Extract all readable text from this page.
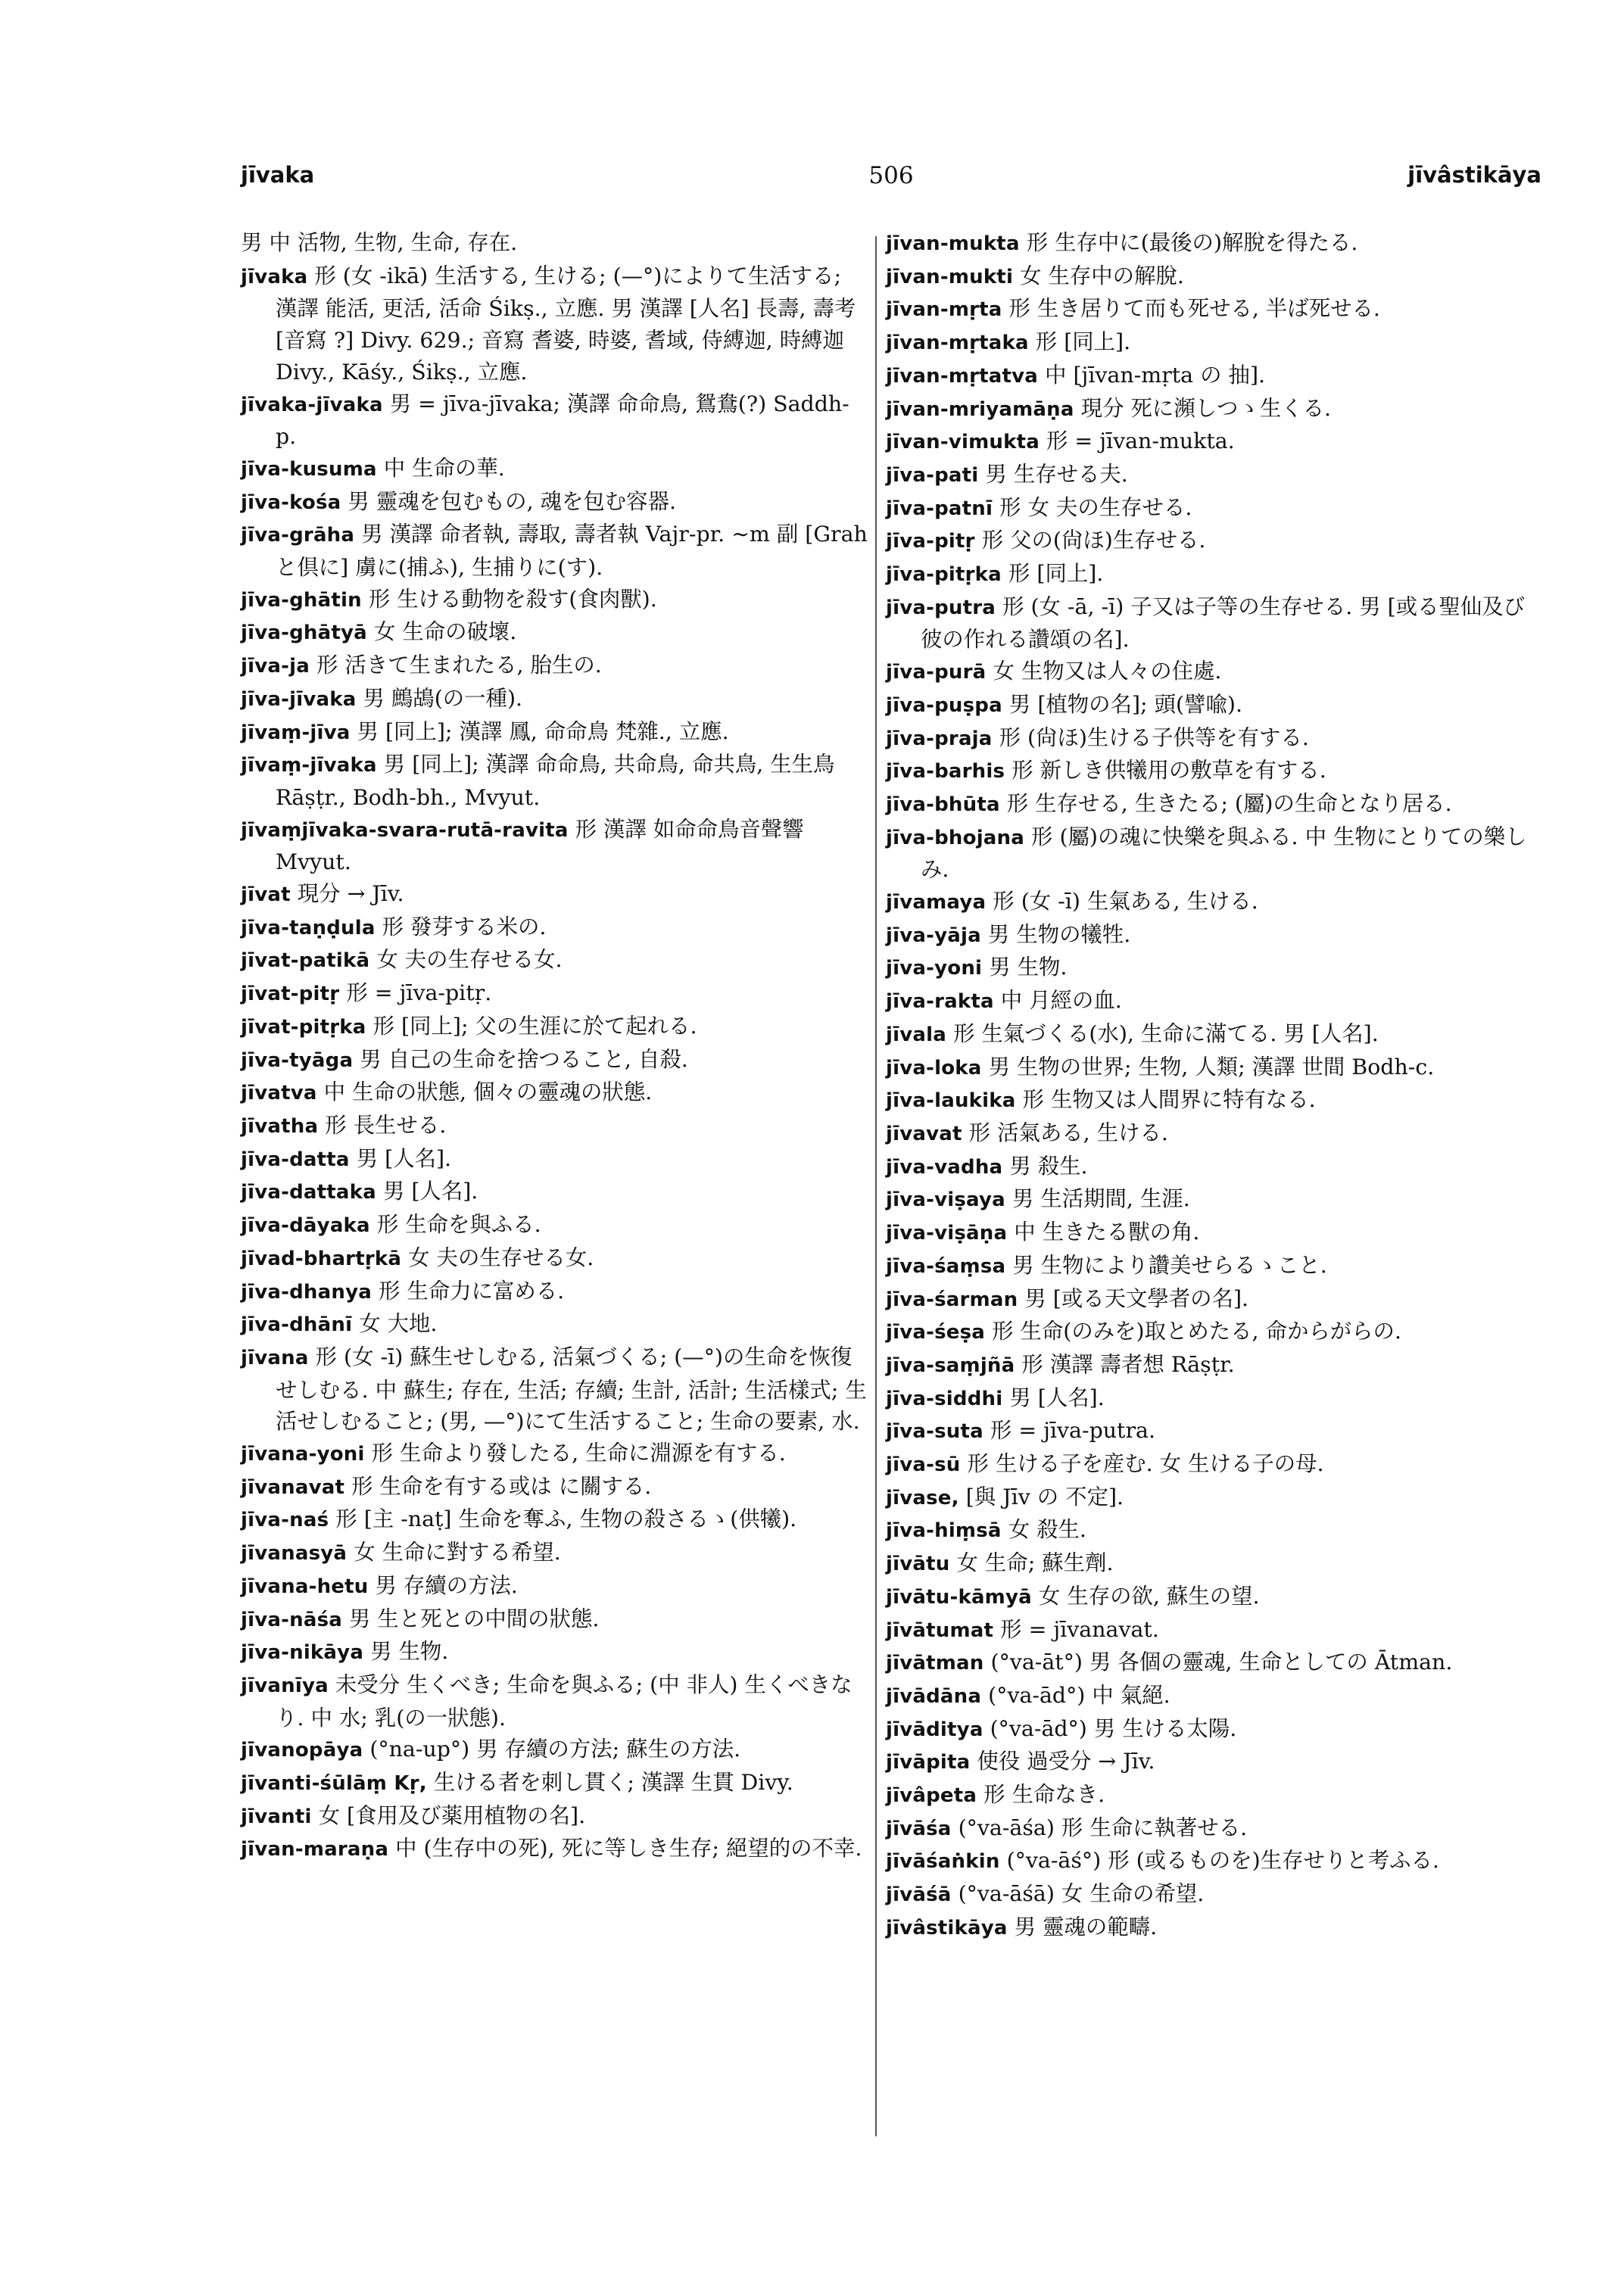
jīvaka	506	jīvâstikāya

男 中 活物, 生物, 生命, 存在.

jīvaka 形 (女 -ikā) 生活する, 生ける; (—°)によりて生活する; 漢譯 能活, 更活, 活命 Śikṣ., 立應. 男 漢譯 [人名] 長壽, 壽考[音寫 ?] Divy. 629.; 音寫 耆婆, 時婆, 耆域, 侍縛迦, 時縛迦 Divy., Kāśy., Śikṣ., 立應.

jīvaka-jīvaka 男 = jīva-jīvaka; 漢譯 命命鳥, 鴛鴦(?) Saddh-p.

jīva-kusuma 中 生命の華.

jīva-kośa 男 靈魂を包むもの, 魂を包む容器.

jīva-grāha 男 漢譯 命者執, 壽取, 壽者執 Vajr-pr. ∼m 副 [Grah と倶に] 虜に(捕ふ), 生捕りに(す).

jīva-ghātin 形 生ける動物を殺す(食肉獸).

jīva-ghātyā 女 生命の破壞.

jīva-ja 形 活きて生まれたる, 胎生の.

jīva-jīvaka 男 鷓鴣(の一種).

jīvaṃ-jīva 男 [同上]; 漢譯 鳳, 命命鳥 梵雜., 立應.

jīvaṃ-jīvaka 男 [同上]; 漢譯 命命鳥, 共命鳥, 命共鳥, 生生鳥 Rāṣṭr., Bodh-bh., Mvyut.

jīvaṃjīvaka-svara-rutā-ravita 形 漢譯 如命命鳥音聲響 Mvyut.

jīvat 現分 → Jīv.

jīva-taṇḍula 形 發芽する米の.

jīvat-patikā 女 夫の生存せる女.

jīvat-pitṛ 形 = jīva-pitṛ.

jīvat-pitṛka 形 [同上]; 父の生涯に於て起れる.

jīva-tyāga 男 自己の生命を捨つること, 自殺.

jīvatva 中 生命の狀態, 個々の靈魂の狀態.

jīvatha 形 長生せる.

jīva-datta 男 [人名].

jīva-dattaka 男 [人名].

jīva-dāyaka 形 生命を與ふる.

jīvad-bhartṛkā 女 夫の生存せる女.

jīva-dhanya 形 生命力に富める.

jīva-dhānī 女 大地.

jīvana 形 (女 -ī) 蘇生せしむる, 活氣づくる; (—°)の生命を恢復せしむる. 中 蘇生; 存在, 生活; 存續; 生計, 活計; 生活樣式; 生活せしむること; (男, —°)にて生活すること; 生命の要素, 水.

jīvana-yoni 形 生命より發したる, 生命に淵源を有する.

jīvanavat 形 生命を有する或は に關する.

jīva-naś 形 [主 -naṭ] 生命を奪ふ, 生物の殺さるゝ(供犧).

jīvanasyā 女 生命に對する希望.

jīvana-hetu 男 存續の方法.

jīva-nāśa 男 生と死との中間の狀態.

jīva-nikāya 男 生物.

jīvanīya 未受分 生くべき; 生命を與ふる; (中 非人) 生くべきなり. 中 水; 乳(の一狀態).

jīvanopāya (°na-up°) 男 存續の方法; 蘇生の方法.

jīvanti-śūlāṃ Kṛ, 生ける者を刺し貫く; 漢譯 生貫 Divy.

jīvanti 女 [食用及び薬用植物の名].

jīvan-maraṇa 中 (生存中の死), 死に等しき生存; 絕望的の不幸.

jīvan-mukta 形 生存中に(最後の)解脫を得たる.

jīvan-mukti 女 生存中の解脫.

jīvan-mṛta 形 生き居りて而も死せる, 半ば死せる.

jīvan-mṛtaka 形 [同上].

jīvan-mṛtatva 中 [jīvan-mṛta の 抽].

jīvan-mriyamāṇa 現分 死に瀕しつゝ生くる.

jīvan-vimukta 形 = jīvan-mukta.

jīva-pati 男 生存せる夫.

jīva-patnī 形 女 夫の生存せる.

jīva-pitṛ 形 父の(尙ほ)生存せる.

jīva-pitṛka 形 [同上].

jīva-putra 形 (女 -ā, -ī) 子又は子等の生存せる. 男 [或る聖仙及び彼の作れる讚頌の名].

jīva-purā 女 生物又は人々の住處.

jīva-puṣpa 男 [植物の名]; 頭(譬喩).

jīva-praja 形 (尙ほ)生ける子供等を有する.

jīva-barhis 形 新しき供犧用の敷草を有する.

jīva-bhūta 形 生存せる, 生きたる; (屬)の生命となり居る.

jīva-bhojana 形 (屬)の魂に快樂を與ふる. 中 生物にとりての樂しみ.

jīvamaya 形 (女 -ī) 生氣ある, 生ける.

jīva-yāja 男 生物の犧牲.

jīva-yoni 男 生物.

jīva-rakta 中 月經の血.

jīvala 形 生氣づくる(水), 生命に滿てる. 男 [人名].

jīva-loka 男 生物の世界; 生物, 人類; 漢譯 世間 Bodh-c.

jīva-laukika 形 生物又は人間界に特有なる.

jīvavat 形 活氣ある, 生ける.

jīva-vadha 男 殺生.

jīva-viṣaya 男 生活期間, 生涯.

jīva-viṣāṇa 中 生きたる獸の角.

jīva-śaṃsa 男 生物により讚美せらるゝこと.

jīva-śarman 男 [或る天文學者の名].

jīva-śeṣa 形 生命(のみを)取とめたる, 命からがらの.

jīva-saṃjñā 形 漢譯 壽者想 Rāṣṭr.

jīva-siddhi 男 [人名].

jīva-suta 形 = jīva-putra.

jīva-sū 形 生ける子を産む. 女 生ける子の母.

jīvase, [與 Jīv の 不定].

jīva-hiṃsā 女 殺生.

jīvātu 女 生命; 蘇生劑.

jīvātu-kāmyā 女 生存の欲, 蘇生の望.

jīvātumat 形 = jīvanavat.

jīvātman (°va-āt°) 男 各個の靈魂, 生命としての Ātman.

jīvādāna (°va-ād°) 中 氣絕.

jīvāditya (°va-ād°) 男 生ける太陽.

jīvāpita 使役 過受分 → Jīv.

jīvâpeta 形 生命なき.

jīvāśa (°va-āśa) 形 生命に執著せる.

jīvāśaṅkin (°va-āś°) 形 (或るものを)生存せりと考ふる.

jīvāśā (°va-āśā) 女 生命の希望.

jīvâstikāya 男 靈魂の範疇.
